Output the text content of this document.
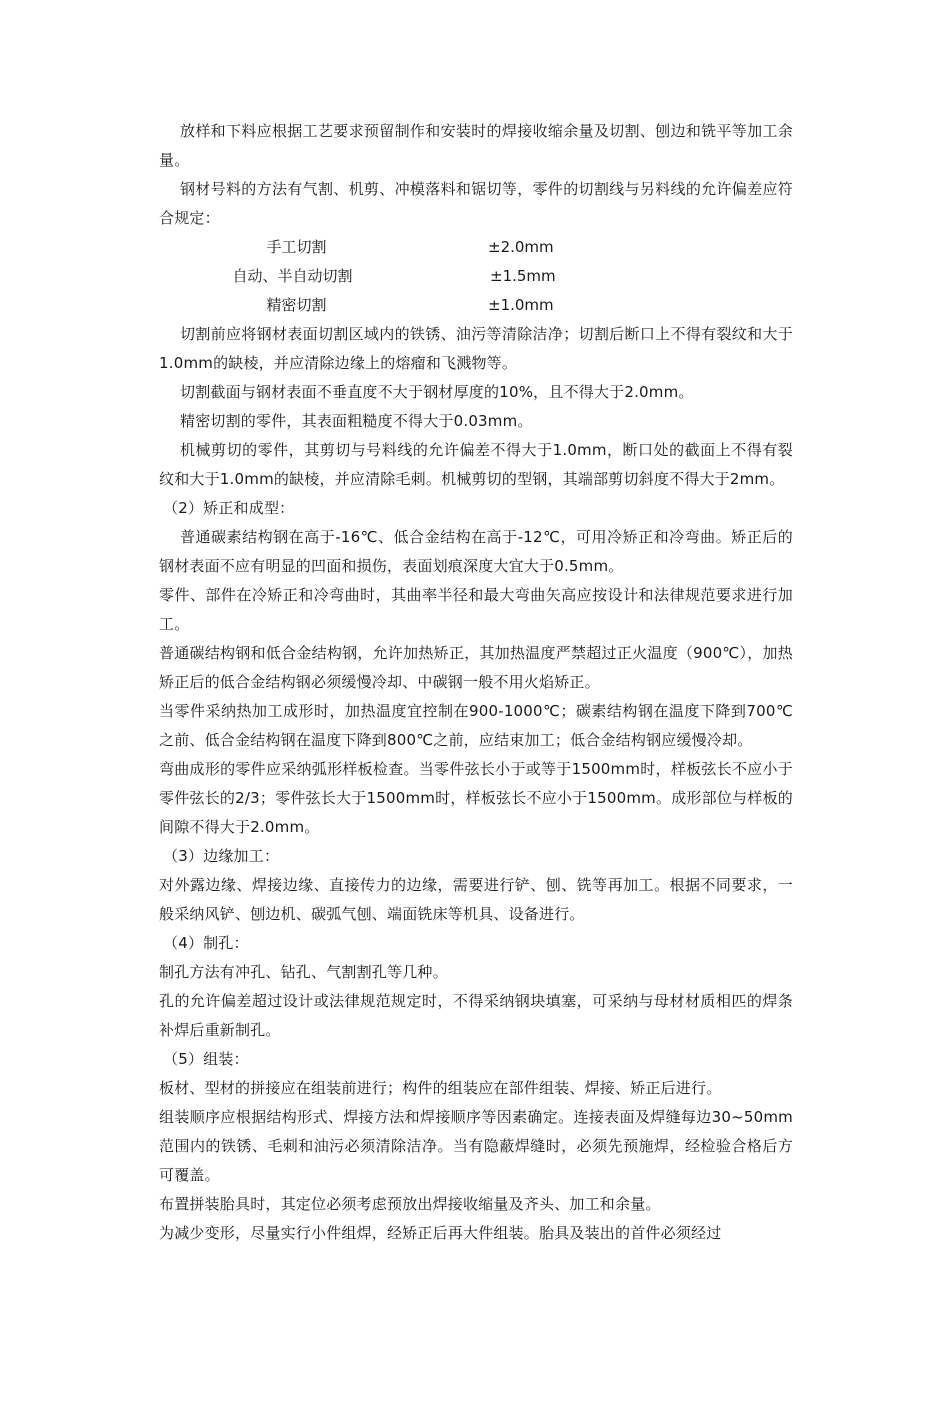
放样和下料应根据工艺要求预留制作和安装时的焊接收缩余量及切割、刨边和铣平等加工余量。

钢材号料的方法有气割、机剪、冲模落料和锯切等，零件的切割线与另料线的允许偏差应符合规定：

手工切割	±2.0mm
自动、半自动切割	±1.5mm
精密切割	±1.0mm

切割前应将钢材表面切割区域内的铁锈、油污等清除洁净；切割后断口上不得有裂纹和大于1.0mm的缺棱，并应清除边缘上的熔瘤和飞溅物等。

切割截面与钢材表面不垂直度不大于钢材厚度的10%，且不得大于2.0mm。

精密切割的零件，其表面粗糙度不得大于0.03mm。

机械剪切的零件，其剪切与号料线的允许偏差不得大于1.0mm，断口处的截面上不得有裂纹和大于1.0mm的缺棱，并应清除毛刺。机械剪切的型钢，其端部剪切斜度不得大于2mm。

（2）矫正和成型：

普通碳素结构钢在高于-16℃、低合金结构在高于-12℃，可用冷矫正和冷弯曲。矫正后的钢材表面不应有明显的凹面和损伤，表面划痕深度大宜大于0.5mm。

零件、部件在冷矫正和冷弯曲时，其曲率半径和最大弯曲矢高应按设计和法律规范要求进行加工。

普通碳结构钢和低合金结构钢，允许加热矫正，其加热温度严禁超过正火温度（900℃），加热矫正后的低合金结构钢必须缓慢冷却、中碳钢一般不用火焰矫正。

当零件采纳热加工成形时，加热温度宜控制在900-1000℃；碳素结构钢在温度下降到700℃之前、低合金结构钢在温度下降到800℃之前，应结束加工；低合金结构钢应缓慢冷却。

弯曲成形的零件应采纳弧形样板检查。当零件弦长小于或等于1500mm时，样板弦长不应小于零件弦长的2/3；零件弦长大于1500mm时，样板弦长不应小于1500mm。成形部位与样板的间隙不得大于2.0mm。

（3）边缘加工：

对外露边缘、焊接边缘、直接传力的边缘，需要进行铲、刨、铣等再加工。根据不同要求，一般采纳风铲、刨边机、碳弧气刨、端面铣床等机具、设备进行。

（4）制孔：

制孔方法有冲孔、钻孔、气割割孔等几种。

孔的允许偏差超过设计或法律规范规定时，不得采纳钢块填塞，可采纳与母材材质相匹的焊条补焊后重新制孔。

（5）组装：

板材、型材的拼接应在组装前进行；构件的组装应在部件组装、焊接、矫正后进行。

组装顺序应根据结构形式、焊接方法和焊接顺序等因素确定。连接表面及焊缝每边30~50mm范围内的铁锈、毛刺和油污必须清除洁净。当有隐蔽焊缝时，必须先预施焊，经检验合格后方可覆盖。

布置拼装胎具时，其定位必须考虑预放出焊接收缩量及齐头、加工和余量。

为减少变形，尽量实行小件组焊，经矫正后再大件组装。胎具及装出的首件必须经过
